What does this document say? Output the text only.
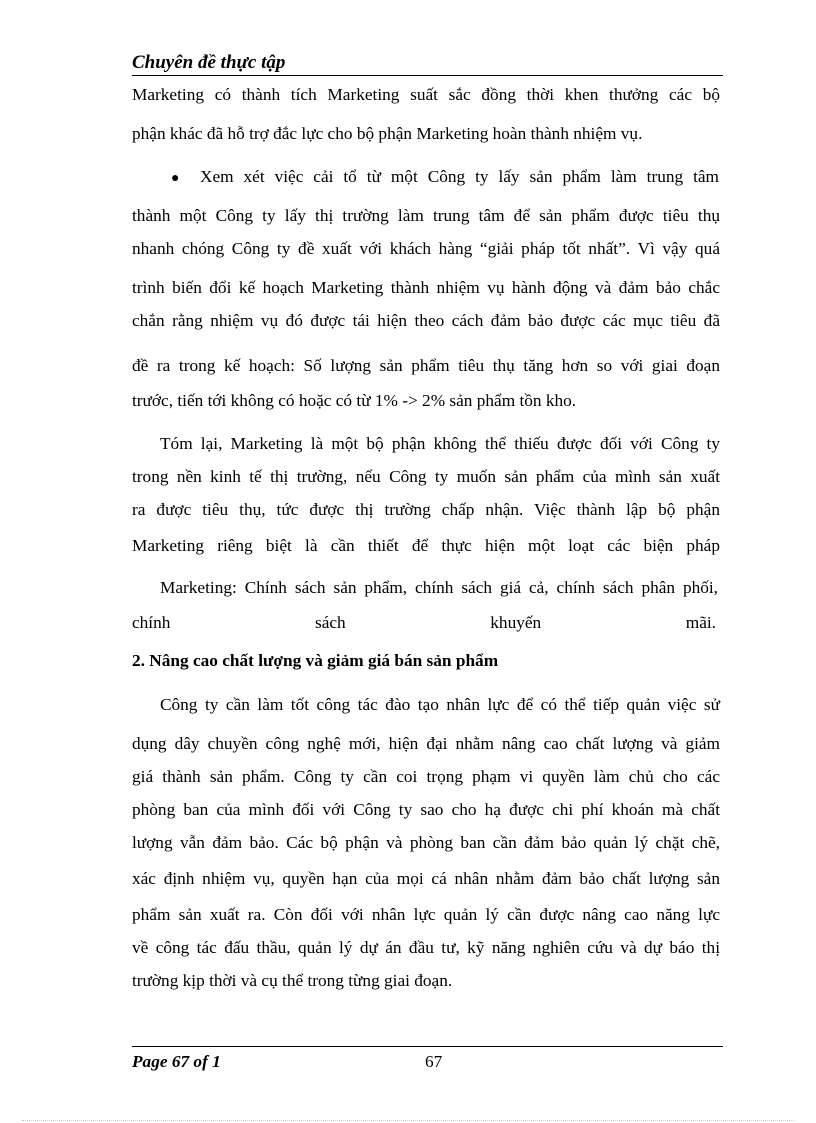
Chuyên đề thực tập
Marketing có thành tích Marketing suất sắc đồng thời khen thưởng các bộ
phận khác đã hỗ trợ đắc lực cho bộ phận Marketing hoàn thành nhiệm vụ.
● Xem xét việc cải tổ từ một Công ty lấy sản phẩm làm trung tâm
thành một Công ty lấy thị trường làm trung tâm để sản phẩm được tiêu thụ
nhanh chóng Công ty đề xuất với khách hàng “giải pháp tốt nhất”. Vì vậy quá
trình biến đổi kế hoạch Marketing thành nhiệm vụ hành động và đảm bảo chắc
chắn rằng nhiệm vụ đó được tái hiện theo cách đảm bảo được các mục tiêu đã
đề ra trong kế hoạch: Số lượng sản phẩm tiêu thụ tăng hơn so với giai đoạn
trước, tiến tới không có hoặc có từ 1% -> 2% sản phẩm tồn kho.
Tóm lại, Marketing là một bộ phận không thể thiếu được đối với Công ty
trong nền kinh tế thị trường, nếu Công ty muốn sản phẩm của mình sản xuất
ra được tiêu thụ, tức được thị trường chấp nhận. Việc thành lập bộ phận
Marketing riêng biệt là cần thiết để thực hiện một loạt các biện pháp
Marketing: Chính sách sản phẩm, chính sách giá cả, chính sách phân phối,
chính sách khuyến mãi.
2. Nâng cao chất lượng và giảm giá bán sản phẩm
Công ty cần làm tốt công tác đào tạo nhân lực để có thể tiếp quản việc sử
dụng dây chuyền công nghệ mới, hiện đại nhằm nâng cao chất lượng và giảm
giá thành sản phẩm. Công ty cần coi trọng phạm vi quyền làm chủ cho các
phòng ban của mình đối với Công ty sao cho hạ được chi phí khoán mà chất
lượng vẫn đảm bảo. Các bộ phận và phòng ban cần đảm bảo quản lý chặt chẽ,
xác định nhiệm vụ, quyền hạn của mọi cá nhân nhằm đảm bảo chất lượng sản
phẩm sản xuất ra. Còn đối với nhân lực quản lý cần được nâng cao năng lực
về công tác đấu thầu, quản lý dự án đầu tư, kỹ năng nghiên cứu và dự báo thị
trường kịp thời và cụ thể trong từng giai đoạn.
Page 67 of 1	67
